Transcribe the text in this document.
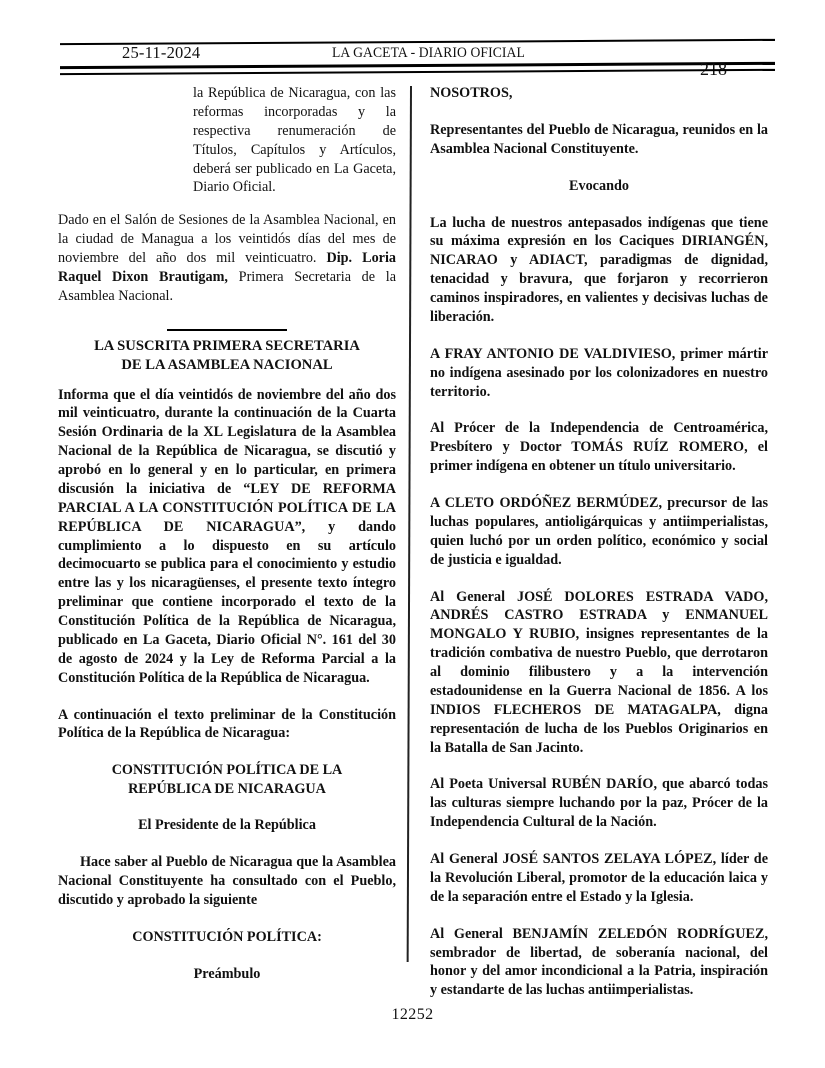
25-11-2024	LA GACETA - DIARIO OFICIAL
218

la República de Nicaragua, con las reformas incorporadas y la respectiva renumeración de Títulos, Capítulos y Artículos, deberá ser publicado en La Gaceta, Diario Oficial.

Dado en el Salón de Sesiones de la Asamblea Nacional, en la ciudad de Managua a los veintidós días del mes de noviembre del año dos mil veinticuatro. Dip. Loria Raquel Dixon Brautigam, Primera Secretaria de la Asamblea Nacional.

LA SUSCRITA PRIMERA SECRETARIA
DE LA ASAMBLEA NACIONAL

Informa que el día veintidós de noviembre del año dos mil veinticuatro, durante la continuación de la Cuarta Sesión Ordinaria de la XL Legislatura de la Asamblea Nacional de la República de Nicaragua, se discutió y aprobó en lo general y en lo particular, en primera discusión la iniciativa de “LEY DE REFORMA PARCIAL A LA CONSTITUCIÓN POLÍTICA DE LA REPÚBLICA DE NICARAGUA”, y dando cumplimiento a lo dispuesto en su artículo decimocuarto se publica para el conocimiento y estudio entre las y los nicaragüenses, el presente texto íntegro preliminar que contiene incorporado el texto de la Constitución Política de la República de Nicaragua, publicado en La Gaceta, Diario Oficial N°. 161 del 30 de agosto de 2024 y la Ley de Reforma Parcial a la Constitución Política de la República de Nicaragua.

A continuación el texto preliminar de la Constitución Política de la República de Nicaragua:

CONSTITUCIÓN POLÍTICA DE LA
REPÚBLICA DE NICARAGUA

El Presidente de la República

Hace saber al Pueblo de Nicaragua que la Asamblea Nacional Constituyente ha consultado con el Pueblo, discutido y aprobado la siguiente

CONSTITUCIÓN POLÍTICA:

Preámbulo

NOSOTROS,

Representantes del Pueblo de Nicaragua, reunidos en la Asamblea Nacional Constituyente.

Evocando

La lucha de nuestros antepasados indígenas que tiene su máxima expresión en los Caciques DIRIANGÉN, NICARAO y ADIACT, paradigmas de dignidad, tenacidad y bravura, que forjaron y recorrieron caminos inspiradores, en valientes y decisivas luchas de liberación.

A FRAY ANTONIO DE VALDIVIESO, primer mártir no indígena asesinado por los colonizadores en nuestro territorio.

Al Prócer de la Independencia de Centroamérica, Presbítero y Doctor TOMÁS RUÍZ ROMERO, el primer indígena en obtener un título universitario.

A CLETO ORDÓÑEZ BERMÚDEZ, precursor de las luchas populares, antioligárquicas y antiimperialistas, quien luchó por un orden político, económico y social de justicia e igualdad.

Al General JOSÉ DOLORES ESTRADA VADO, ANDRÉS CASTRO ESTRADA y ENMANUEL MONGALO Y RUBIO, insignes representantes de la tradición combativa de nuestro Pueblo, que derrotaron al dominio filibustero y a la intervención estadounidense en la Guerra Nacional de 1856. A los INDIOS FLECHEROS DE MATAGALPA, digna representación de lucha de los Pueblos Originarios en la Batalla de San Jacinto.

Al Poeta Universal RUBÉN DARÍO, que abarcó todas las culturas siempre luchando por la paz, Prócer de la Independencia Cultural de la Nación.

Al General JOSÉ SANTOS ZELAYA LÓPEZ, líder de la Revolución Liberal, promotor de la educación laica y de la separación entre el Estado y la Iglesia.

Al General BENJAMÍN ZELEDÓN RODRÍGUEZ, sembrador de libertad, de soberanía nacional, del honor y del amor incondicional a la Patria, inspiración y estandarte de las luchas antiimperialistas.

12252
